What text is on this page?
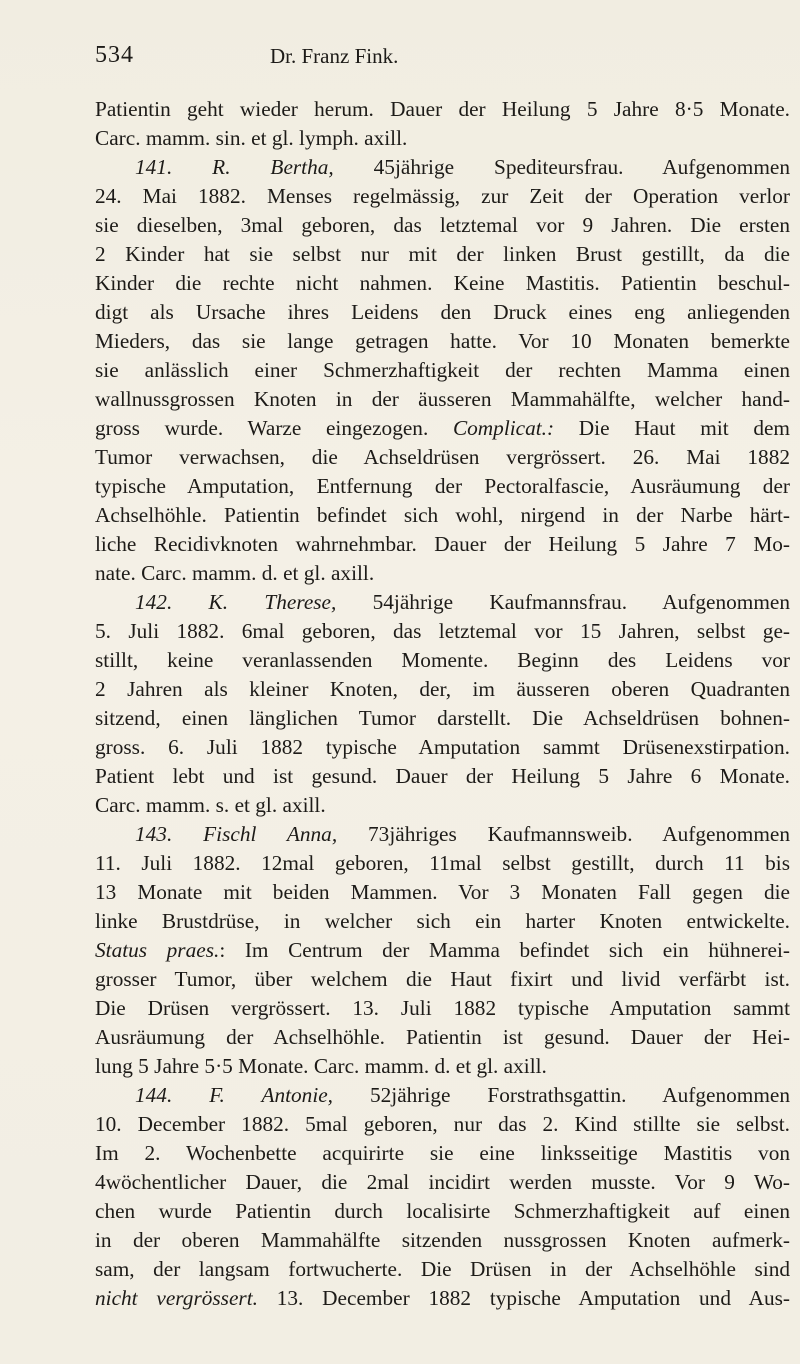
534	Dr. Franz Fink.
Patientin geht wieder herum. Dauer der Heilung 5 Jahre 8·5 Monate.
Carc. mamm. sin. et gl. lymph. axill.
141. R. Bertha, 45jährige Spediteursfrau. Aufgenommen
24. Mai 1882. Menses regelmässig, zur Zeit der Operation verlor
sie dieselben, 3mal geboren, das letztemal vor 9 Jahren. Die ersten
2 Kinder hat sie selbst nur mit der linken Brust gestillt, da die
Kinder die rechte nicht nahmen. Keine Mastitis. Patientin beschul-
digt als Ursache ihres Leidens den Druck eines eng anliegenden
Mieders, das sie lange getragen hatte. Vor 10 Monaten bemerkte
sie anlässlich einer Schmerzhaftigkeit der rechten Mamma einen
wallnussgrossen Knoten in der äusseren Mammahälfte, welcher hand-
gross wurde. Warze eingezogen. Complicat.: Die Haut mit dem
Tumor verwachsen, die Achseldrüsen vergrössert. 26. Mai 1882
typische Amputation, Entfernung der Pectoralfascie, Ausräumung der
Achselhöhle. Patientin befindet sich wohl, nirgend in der Narbe härt-
liche Recidivknoten wahrnehmbar. Dauer der Heilung 5 Jahre 7 Mo-
nate. Carc. mamm. d. et gl. axill.
142. K. Therese, 54jährige Kaufmannsfrau. Aufgenommen
5. Juli 1882. 6mal geboren, das letztemal vor 15 Jahren, selbst ge-
stillt, keine veranlassenden Momente. Beginn des Leidens vor
2 Jahren als kleiner Knoten, der, im äusseren oberen Quadranten
sitzend, einen länglichen Tumor darstellt. Die Achseldrüsen bohnen-
gross. 6. Juli 1882 typische Amputation sammt Drüsenexstirpation.
Patient lebt und ist gesund. Dauer der Heilung 5 Jahre 6 Monate.
Carc. mamm. s. et gl. axill.
143. Fischl Anna, 73jähriges Kaufmannsweib. Aufgenommen
11. Juli 1882. 12mal geboren, 11mal selbst gestillt, durch 11 bis
13 Monate mit beiden Mammen. Vor 3 Monaten Fall gegen die
linke Brustdrüse, in welcher sich ein harter Knoten entwickelte.
Status praes.: Im Centrum der Mamma befindet sich ein hühnerei-
grosser Tumor, über welchem die Haut fixirt und livid verfärbt ist.
Die Drüsen vergrössert. 13. Juli 1882 typische Amputation sammt
Ausräumung der Achselhöhle. Patientin ist gesund. Dauer der Hei-
lung 5 Jahre 5·5 Monate. Carc. mamm. d. et gl. axill.
144. F. Antonie, 52jährige Forstrathsgattin. Aufgenommen
10. December 1882. 5mal geboren, nur das 2. Kind stillte sie selbst.
Im 2. Wochenbette acquirirte sie eine linksseitige Mastitis von
4wöchentlicher Dauer, die 2mal incidirt werden musste. Vor 9 Wo-
chen wurde Patientin durch localisirte Schmerzhaftigkeit auf einen
in der oberen Mammahälfte sitzenden nussgrossen Knoten aufmerk-
sam, der langsam fortwucherte. Die Drüsen in der Achselhöhle sind
nicht vergrössert. 13. December 1882 typische Amputation und Aus-
